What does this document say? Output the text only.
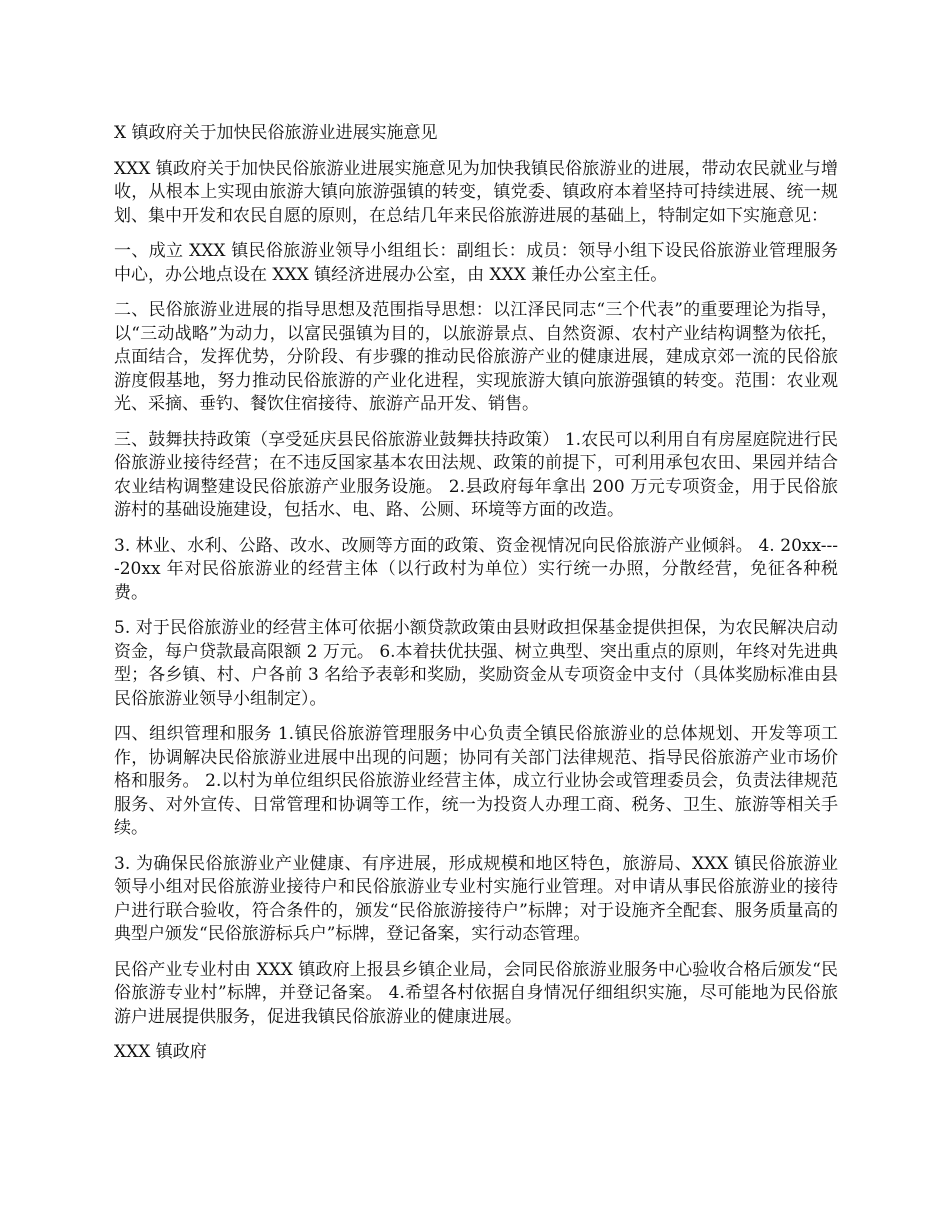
X 镇政府关于加快民俗旅游业进展实施意见

XXX 镇政府关于加快民俗旅游业进展实施意见为加快我镇民俗旅游业的进展，带动农民就业与增收，从根本上实现由旅游大镇向旅游强镇的转变，镇党委、镇政府本着坚持可持续进展、统一规划、集中开发和农民自愿的原则，在总结几年来民俗旅游进展的基础上，特制定如下实施意见：

一、成立 XXX 镇民俗旅游业领导小组组长：副组长：成员：领导小组下设民俗旅游业管理服务中心，办公地点设在 XXX 镇经济进展办公室，由 XXX 兼任办公室主任。

二、民俗旅游业进展的指导思想及范围指导思想：以江泽民同志“三个代表”的重要理论为指导，以“三动战略”为动力，以富民强镇为目的，以旅游景点、自然资源、农村产业结构调整为依托，点面结合，发挥优势，分阶段、有步骤的推动民俗旅游产业的健康进展，建成京郊一流的民俗旅游度假基地，努力推动民俗旅游的产业化进程，实现旅游大镇向旅游强镇的转变。范围：农业观光、采摘、垂钓、餐饮住宿接待、旅游产品开发、销售。

三、鼓舞扶持政策（享受延庆县民俗旅游业鼓舞扶持政策） 1.农民可以利用自有房屋庭院进行民俗旅游业接待经营；在不违反国家基本农田法规、政策的前提下，可利用承包农田、果园并结合农业结构调整建设民俗旅游产业服务设施。 2.县政府每年拿出 200 万元专项资金，用于民俗旅游村的基础设施建设，包括水、电、路、公厕、环境等方面的改造。

3. 林业、水利、公路、改水、改厕等方面的政策、资金视情况向民俗旅游产业倾斜。 4. 20xx----20xx 年对民俗旅游业的经营主体（以行政村为单位）实行统一办照，分散经营，免征各种税费。

5. 对于民俗旅游业的经营主体可依据小额贷款政策由县财政担保基金提供担保，为农民解决启动资金，每户贷款最高限额 2 万元。 6.本着扶优扶强、树立典型、突出重点的原则，年终对先进典型；各乡镇、村、户各前 3 名给予表彰和奖励，奖励资金从专项资金中支付（具体奖励标准由县民俗旅游业领导小组制定）。

四、组织管理和服务 1.镇民俗旅游管理服务中心负责全镇民俗旅游业的总体规划、开发等项工作，协调解决民俗旅游业进展中出现的问题；协同有关部门法律规范、指导民俗旅游产业市场价格和服务。 2.以村为单位组织民俗旅游业经营主体，成立行业协会或管理委员会，负责法律规范服务、对外宣传、日常管理和协调等工作，统一为投资人办理工商、税务、卫生、旅游等相关手续。

3. 为确保民俗旅游业产业健康、有序进展，形成规模和地区特色，旅游局、XXX 镇民俗旅游业领导小组对民俗旅游业接待户和民俗旅游业专业村实施行业管理。对申请从事民俗旅游业的接待户进行联合验收，符合条件的，颁发“民俗旅游接待户”标牌；对于设施齐全配套、服务质量高的典型户颁发“民俗旅游标兵户”标牌，登记备案，实行动态管理。

民俗产业专业村由 XXX 镇政府上报县乡镇企业局，会同民俗旅游业服务中心验收合格后颁发“民俗旅游专业村”标牌，并登记备案。 4.希望各村依据自身情况仔细组织实施，尽可能地为民俗旅游户进展提供服务，促进我镇民俗旅游业的健康进展。

XXX 镇政府
